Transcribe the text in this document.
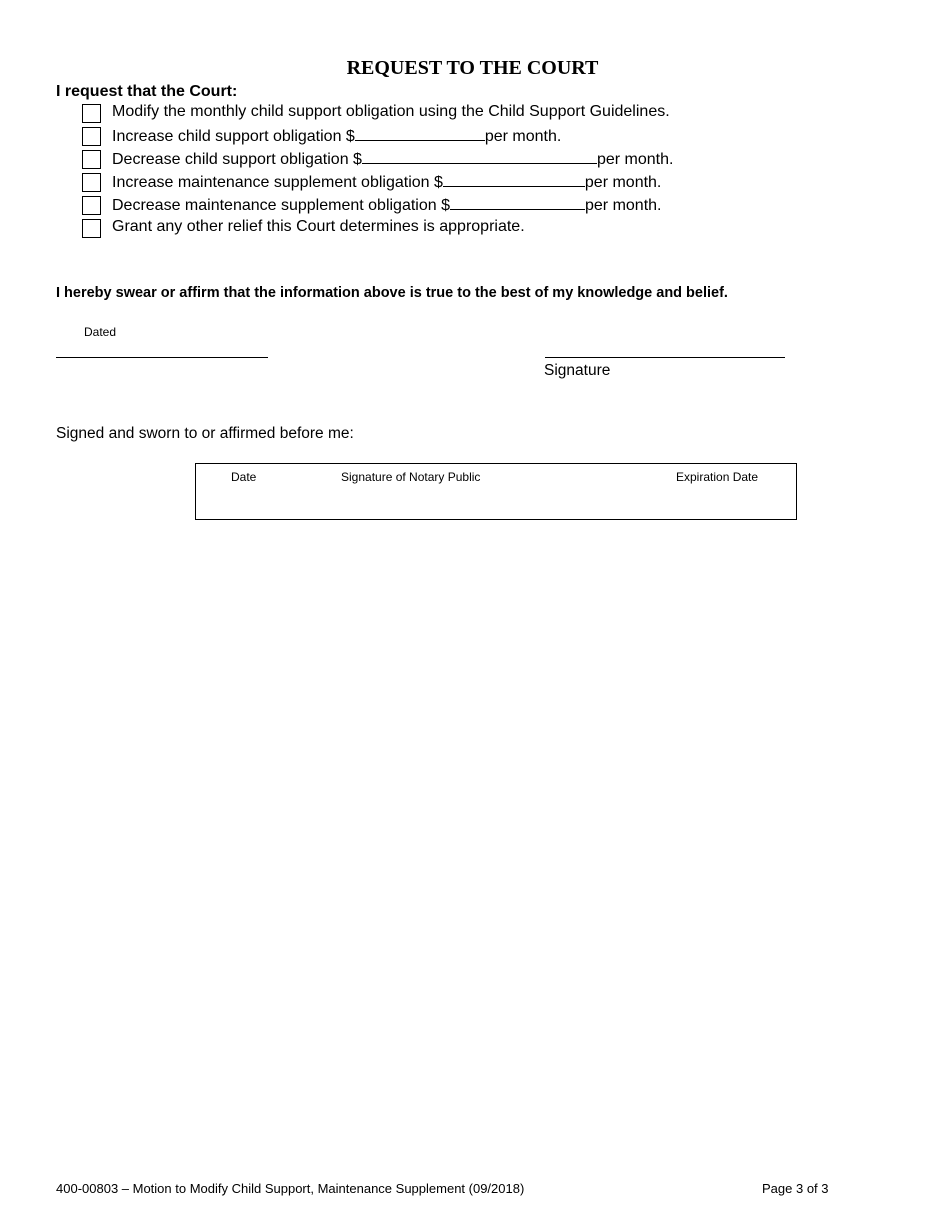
REQUEST TO THE COURT
I request that the Court:
Modify the monthly child support obligation using the Child Support Guidelines.
Increase child support obligation $	per month.
Decrease child support obligation $	per month.
Increase maintenance supplement obligation $	per month.
Decrease maintenance supplement obligation $	per month.
Grant any other relief this Court determines is appropriate.
I hereby swear or affirm that the information above is true to the best of my knowledge and belief.
Dated
Signature
Signed and sworn to or affirmed before me:
Date	Signature of Notary Public	Expiration Date
400-00803 – Motion to Modify Child Support, Maintenance Supplement (09/2018)	Page 3 of 3
